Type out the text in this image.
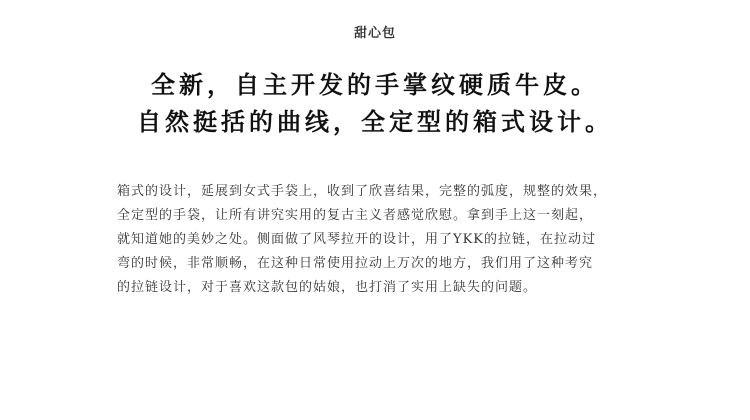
甜心包
全新，自主开发的手掌纹硬质牛皮。
自然挺括的曲线，全定型的箱式设计。
箱式的设计，延展到女式手袋上，收到了欣喜结果，完整的弧度，规整的效果，
全定型的手袋，让所有讲究实用的复古主义者感觉欣慰。拿到手上这一刻起，
就知道她的美妙之处。侧面做了风琴拉开的设计，用了YKK的拉链，在拉动过
弯的时候，非常顺畅，在这种日常使用拉动上万次的地方，我们用了这种考究
的拉链设计，对于喜欢这款包的姑娘，也打消了实用上缺失的问题。
